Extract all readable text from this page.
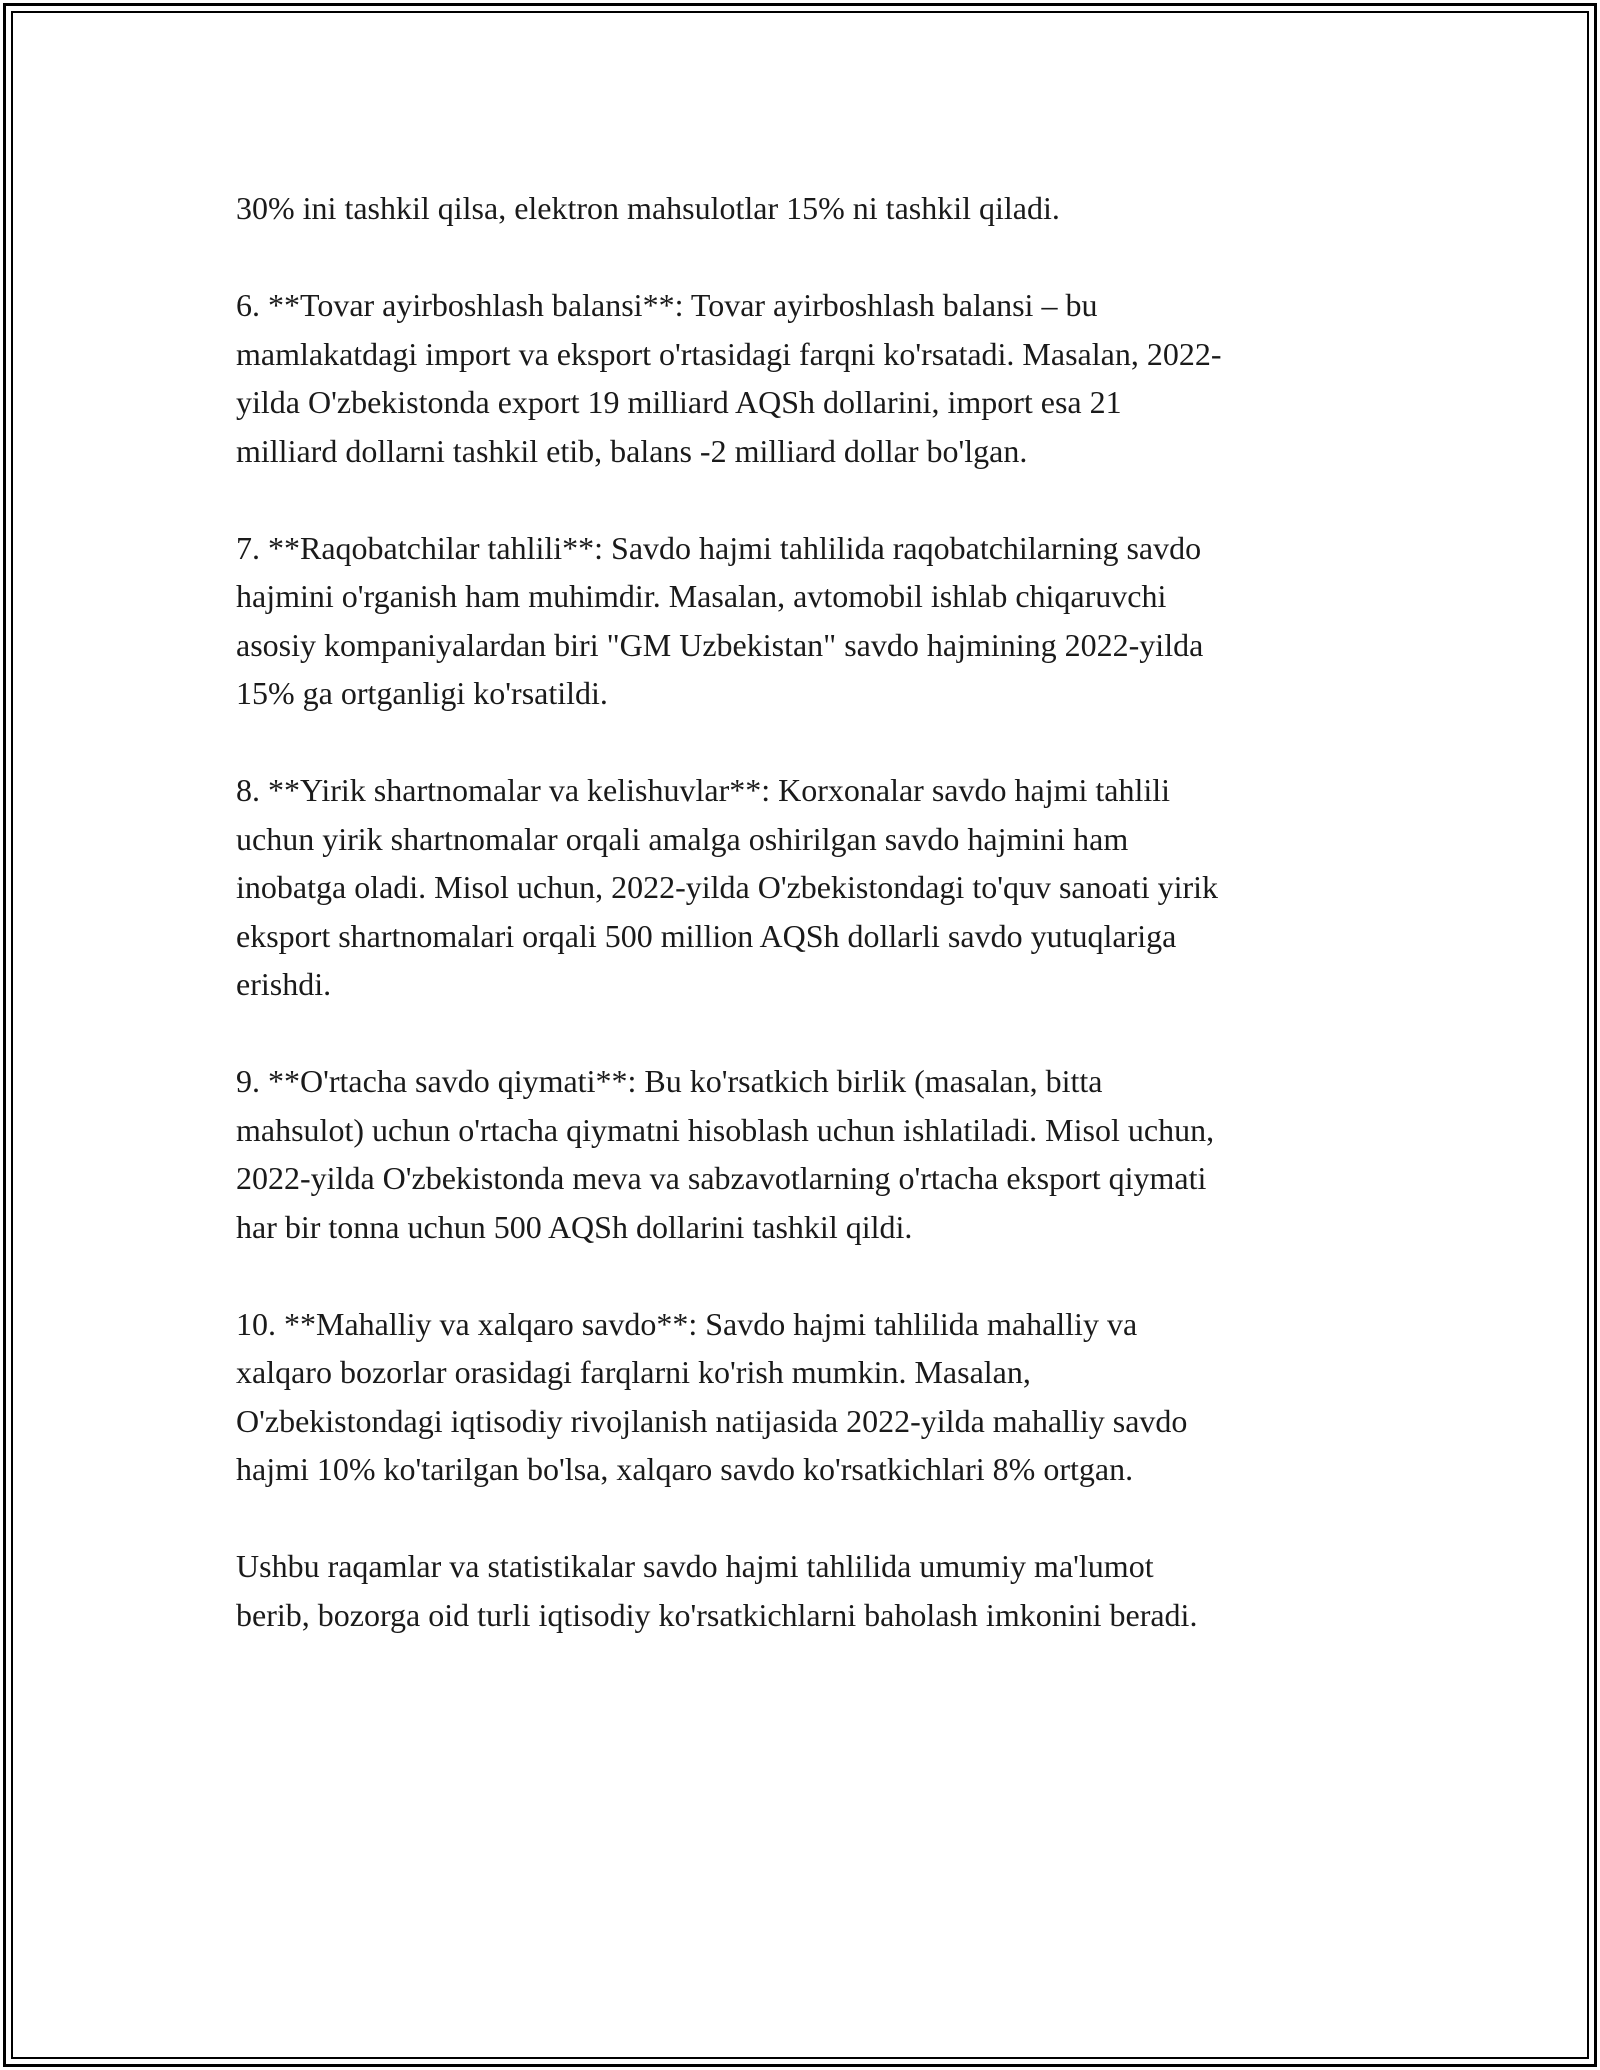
30% ini tashkil qilsa, elektron mahsulotlar 15% ni tashkil qiladi.

6. **Tovar ayirboshlash balansi**: Tovar ayirboshlash balansi – bu
mamlakatdagi import va eksport o'rtasidagi farqni ko'rsatadi. Masalan, 2022-
yilda O'zbekistonda export 19 milliard AQSh dollarini, import esa 21
milliard dollarni tashkil etib, balans -2 milliard dollar bo'lgan.

7. **Raqobatchilar tahlili**: Savdo hajmi tahlilida raqobatchilarning savdo
hajmini o'rganish ham muhimdir. Masalan, avtomobil ishlab chiqaruvchi
asosiy kompaniyalardan biri "GM Uzbekistan" savdo hajmining 2022-yilda
15% ga ortganligi ko'rsatildi.

8. **Yirik shartnomalar va kelishuvlar**: Korxonalar savdo hajmi tahlili
uchun yirik shartnomalar orqali amalga oshirilgan savdo hajmini ham
inobatga oladi. Misol uchun, 2022-yilda O'zbekistondagi to'quv sanoati yirik
eksport shartnomalari orqali 500 million AQSh dollarli savdo yutuqlariga
erishdi.

9. **O'rtacha savdo qiymati**: Bu ko'rsatkich birlik (masalan, bitta
mahsulot) uchun o'rtacha qiymatni hisoblash uchun ishlatiladi. Misol uchun,
2022-yilda O'zbekistonda meva va sabzavotlarning o'rtacha eksport qiymati
har bir tonna uchun 500 AQSh dollarini tashkil qildi.

10. **Mahalliy va xalqaro savdo**: Savdo hajmi tahlilida mahalliy va
xalqaro bozorlar orasidagi farqlarni ko'rish mumkin. Masalan,
O'zbekistondagi iqtisodiy rivojlanish natijasida 2022-yilda mahalliy savdo
hajmi 10% ko'tarilgan bo'lsa, xalqaro savdo ko'rsatkichlari 8% ortgan.

Ushbu raqamlar va statistikalar savdo hajmi tahlilida umumiy ma'lumot
berib, bozorga oid turli iqtisodiy ko'rsatkichlarni baholash imkonini beradi.
